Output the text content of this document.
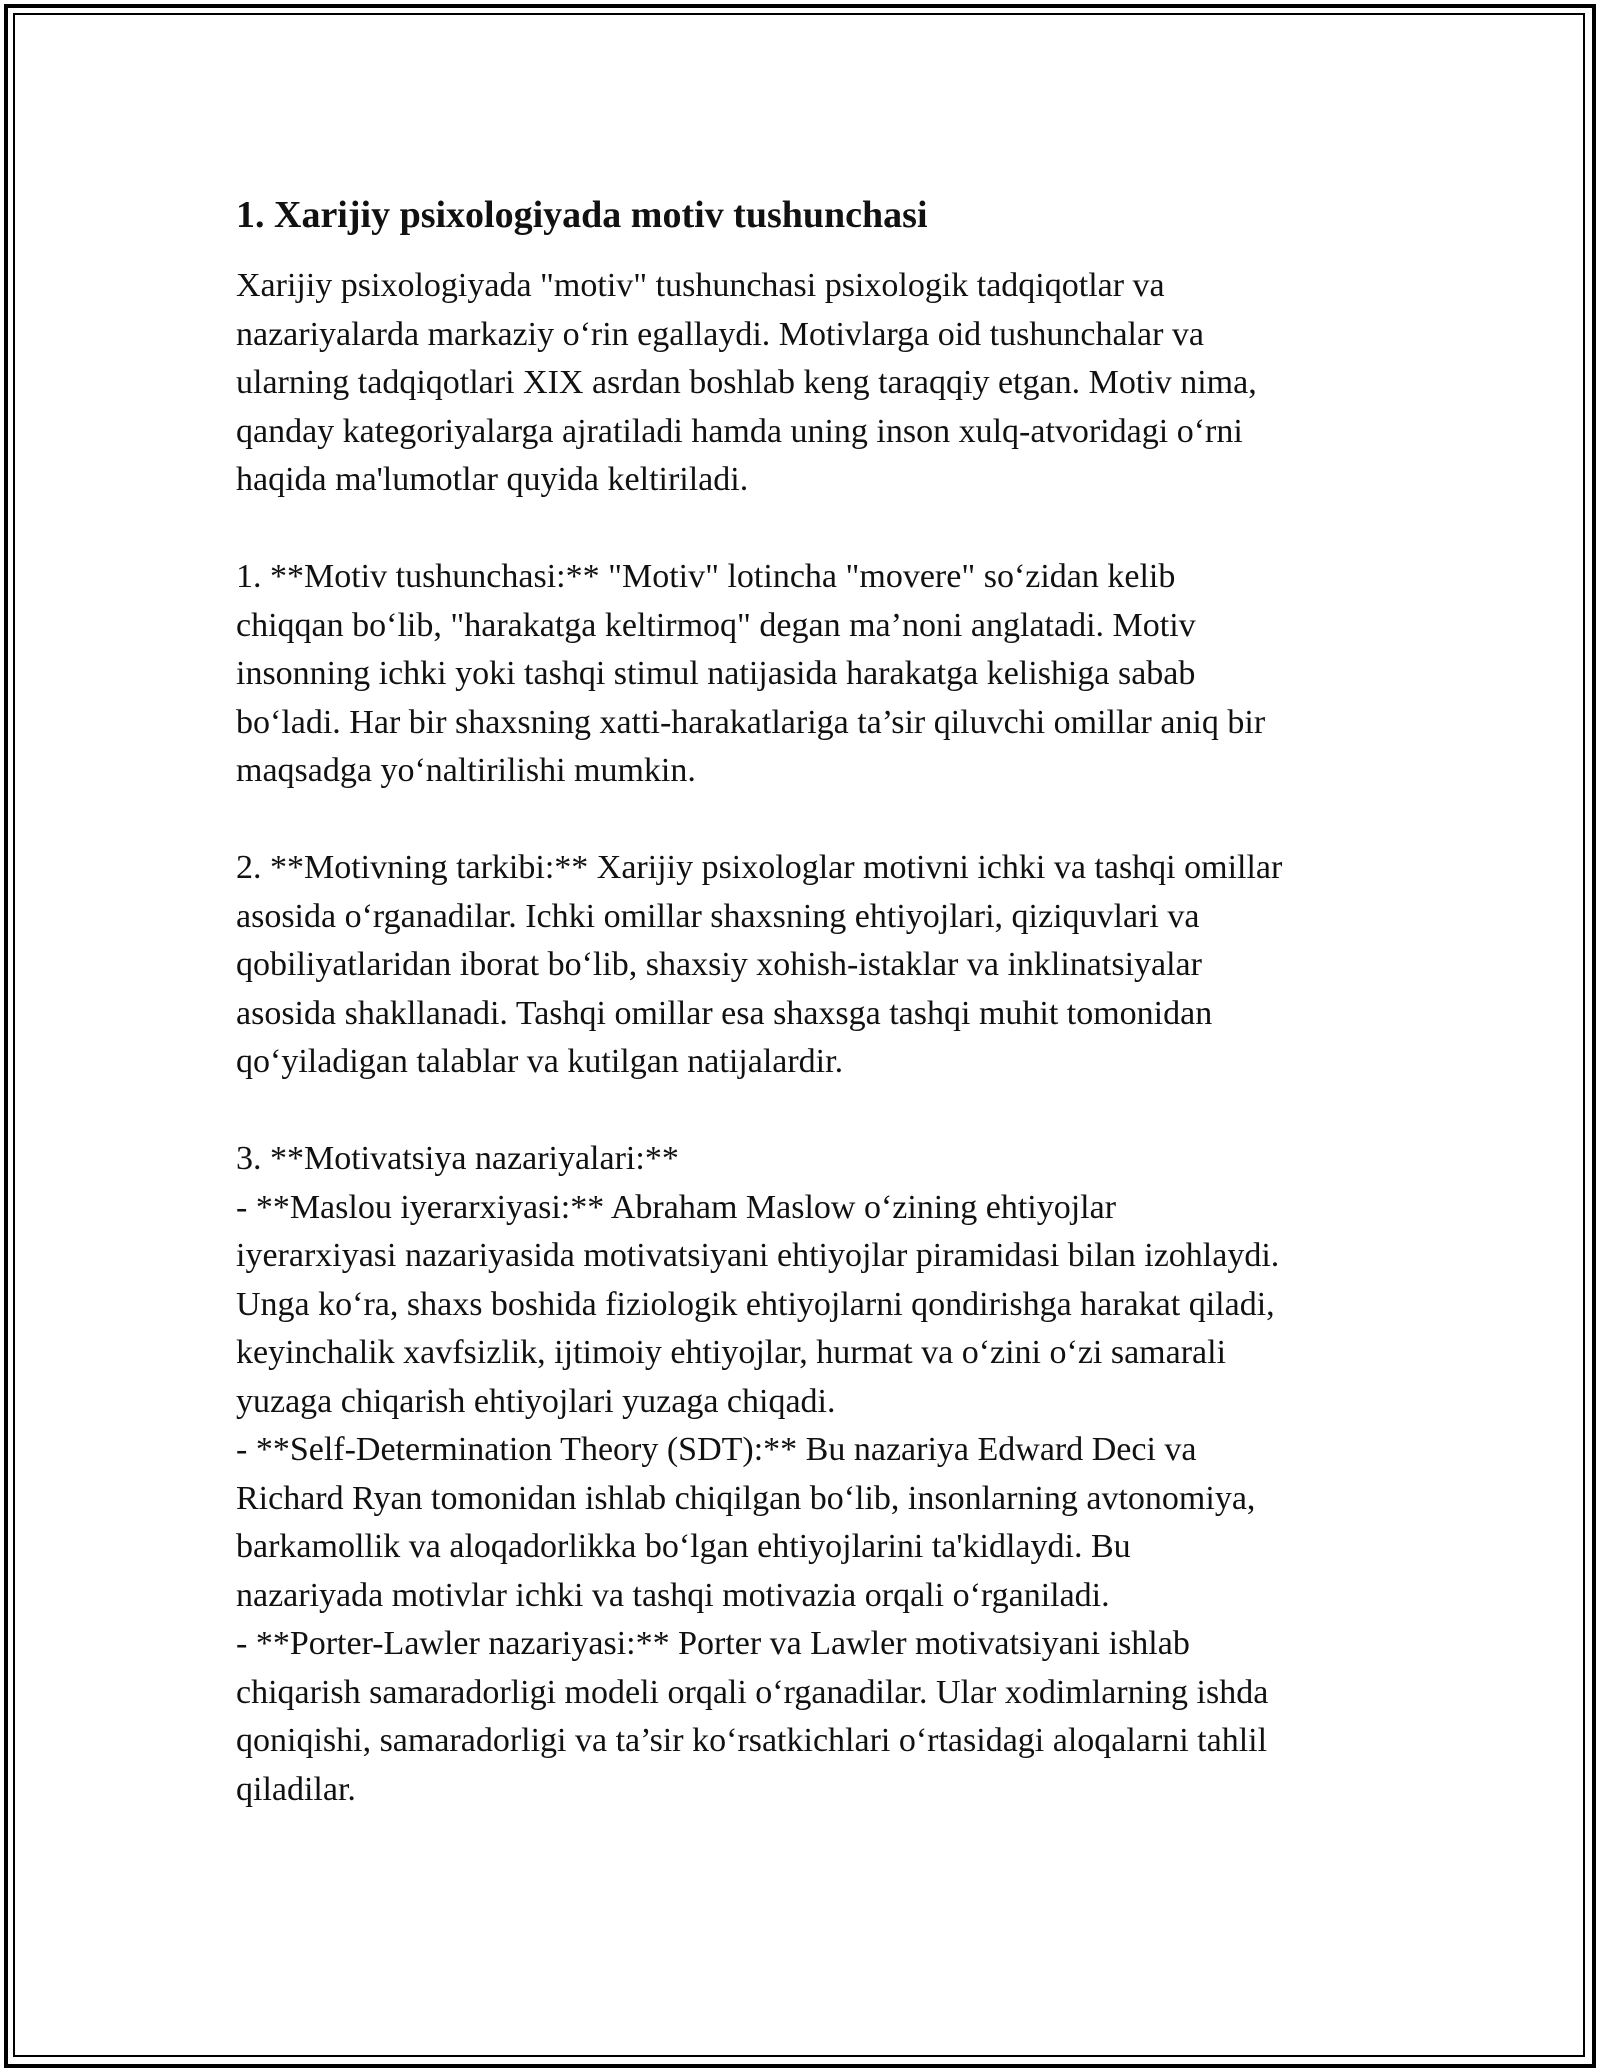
1. Xarijiy psixologiyada motiv tushunchasi

Xarijiy psixologiyada "motiv" tushunchasi psixologik tadqiqotlar va
nazariyalarda markaziy o‘rin egallaydi. Motivlarga oid tushunchalar va
ularning tadqiqotlari XIX asrdan boshlab keng taraqqiy etgan. Motiv nima,
qanday kategoriyalarga ajratiladi hamda uning inson xulq-atvoridagi o‘rni
haqida ma'lumotlar quyida keltiriladi.

1. **Motiv tushunchasi:** "Motiv" lotincha "movere" so‘zidan kelib
chiqqan bo‘lib, "harakatga keltirmoq" degan ma’noni anglatadi. Motiv
insonning ichki yoki tashqi stimul natijasida harakatga kelishiga sabab
bo‘ladi. Har bir shaxsning xatti-harakatlariga ta’sir qiluvchi omillar aniq bir
maqsadga yo‘naltirilishi mumkin.

2. **Motivning tarkibi:** Xarijiy psixologlar motivni ichki va tashqi omillar
asosida o‘rganadilar. Ichki omillar shaxsning ehtiyojlari, qiziquvlari va
qobiliyatlaridan iborat bo‘lib, shaxsiy xohish-istaklar va inklinatsiyalar
asosida shakllanadi. Tashqi omillar esa shaxsga tashqi muhit tomonidan
qo‘yiladigan talablar va kutilgan natijalardir.

3. **Motivatsiya nazariyalari:**
- **Maslou iyerarxiyasi:** Abraham Maslow o‘zining ehtiyojlar
iyerarxiyasi nazariyasida motivatsiyani ehtiyojlar piramidasi bilan izohlaydi.
Unga ko‘ra, shaxs boshida fiziologik ehtiyojlarni qondirishga harakat qiladi,
keyinchalik xavfsizlik, ijtimoiy ehtiyojlar, hurmat va o‘zini o‘zi samarali
yuzaga chiqarish ehtiyojlari yuzaga chiqadi.
- **Self-Determination Theory (SDT):** Bu nazariya Edward Deci va
Richard Ryan tomonidan ishlab chiqilgan bo‘lib, insonlarning avtonomiya,
barkamollik va aloqadorlikka bo‘lgan ehtiyojlarini ta'kidlaydi. Bu
nazariyada motivlar ichki va tashqi motivazia orqali o‘rganiladi.
- **Porter-Lawler nazariyasi:** Porter va Lawler motivatsiyani ishlab
chiqarish samaradorligi modeli orqali o‘rganadilar. Ular xodimlarning ishda
qoniqishi, samaradorligi va ta’sir ko‘rsatkichlari o‘rtasidagi aloqalarni tahlil
qiladilar.
